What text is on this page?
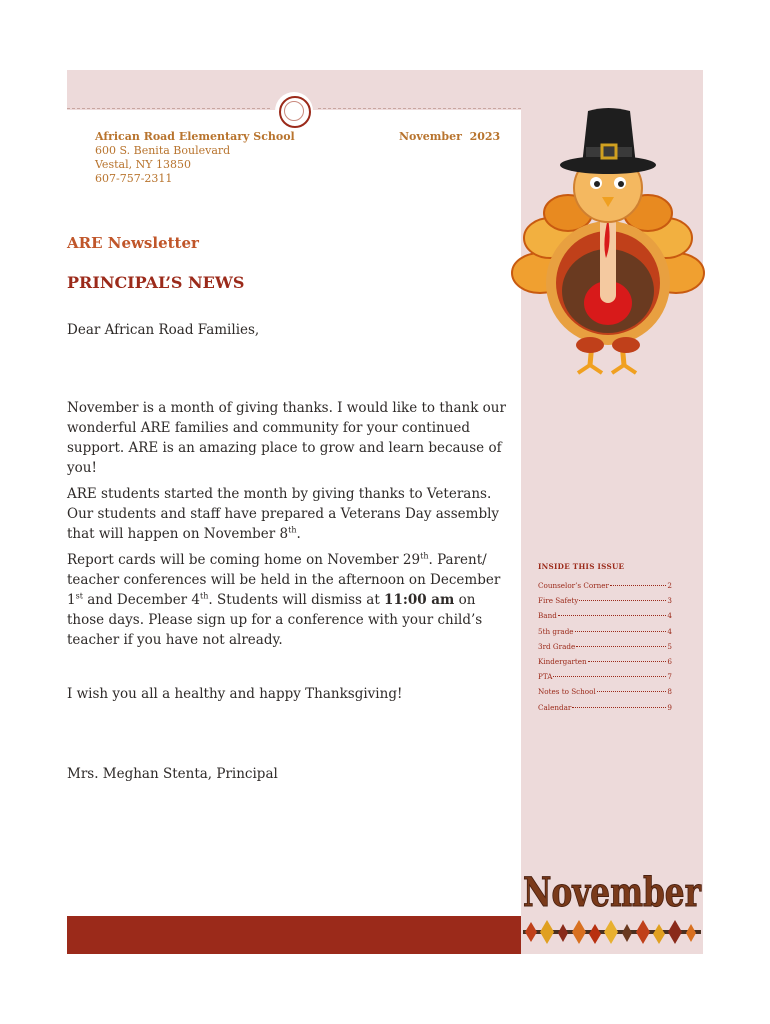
African Road Elementary School
600 S. Benita Boulevard
Vestal, NY 13850
607-757-2311
November  2023
ARE Newsletter
PRINCIPAL’S NEWS

Dear African Road Families,

November is a month of giving thanks. I would like to thank our wonderful ARE families and community for your continued support. ARE is an amazing place to grow and learn because of you!

ARE students started the month by giving thanks to Veterans. Our students and staff have prepared a Veterans Day assembly that will happen on November 8th.

Report cards will be coming home on November 29th. Parent/ teacher conferences will be held in the afternoon on December 1st and December 4th. Students will dismiss at 11:00 am on those days. Please sign up for a conference with your child’s teacher if you have not already.

I wish you all a healthy and happy Thanksgiving!

Mrs. Meghan Stenta, Principal

INSIDE THIS ISSUE
Counselor’s Corner	2
Fire Safety	3
Band	4
5th grade	4
3rd Grade	5
Kindergarten	6
PTA	7
Notes to School	8
Calendar	9
November
